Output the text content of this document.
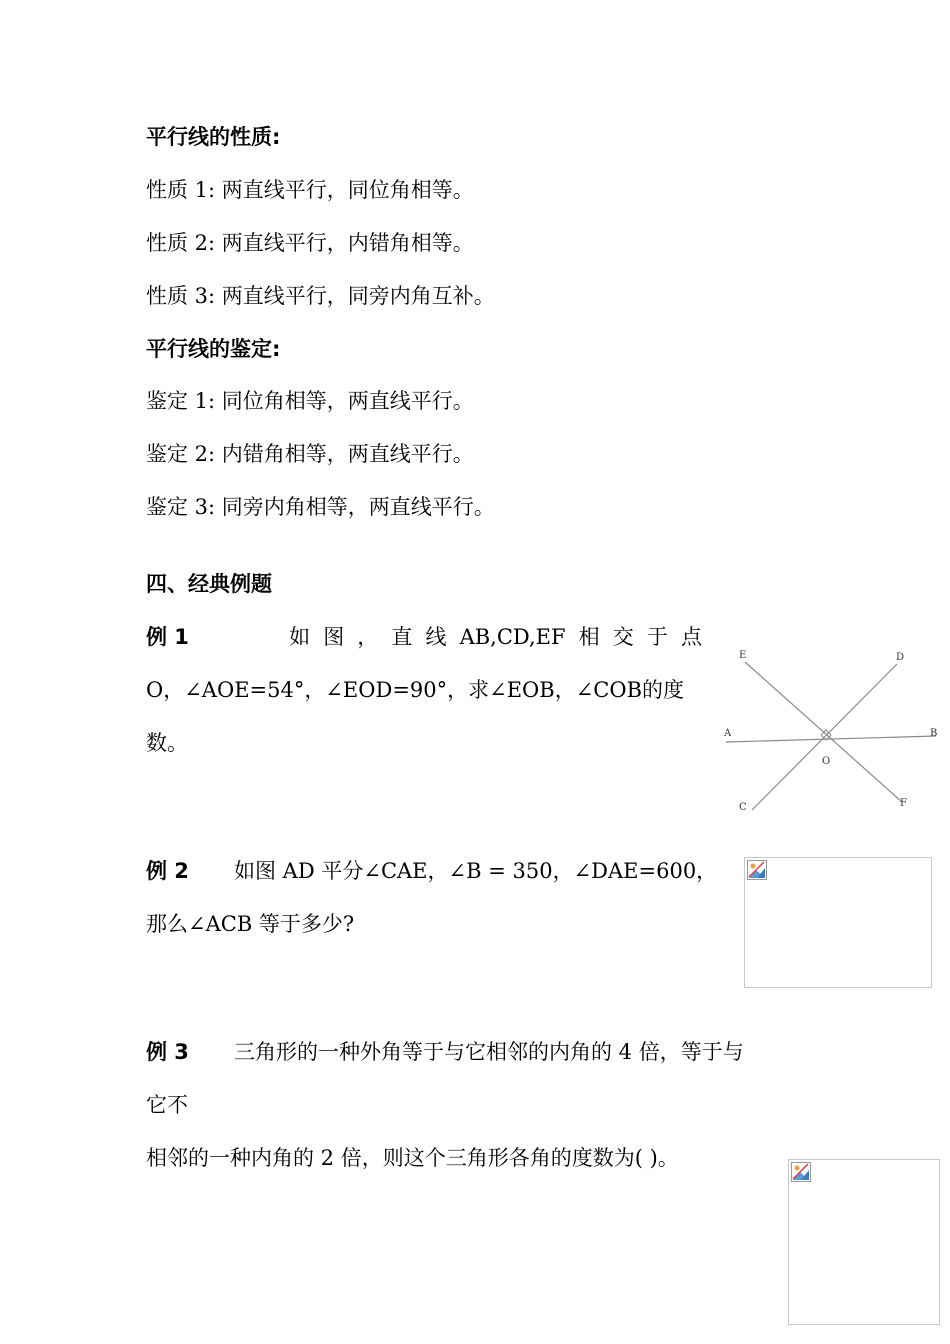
平行线的性质:
性质 1: 两直线平行，同位角相等。
性质 2: 两直线平行，内错角相等。
性质 3: 两直线平行，同旁内角互补。
平行线的鉴定:
鉴定 1: 同位角相等，两直线平行。
鉴定 2: 内错角相等，两直线平行。
鉴定 3: 同旁内角相等，两直线平行。
四、经典例题
例 1	如 图 ， 直 线 AB,CD,EF 相 交 于 点
O，∠AOE=54°，∠EOD=90°，求∠EOB，∠COB的度
数。
E	D
A	B
O
C	F
例 2 如图 AD 平分∠CAE，∠B = 350，∠DAE=600，
那么∠ACB 等于多少?
例 3 三角形的一种外角等于与它相邻的内角的 4 倍，等于与
它不
相邻的一种内角的 2 倍，则这个三角形各角的度数为( )。
